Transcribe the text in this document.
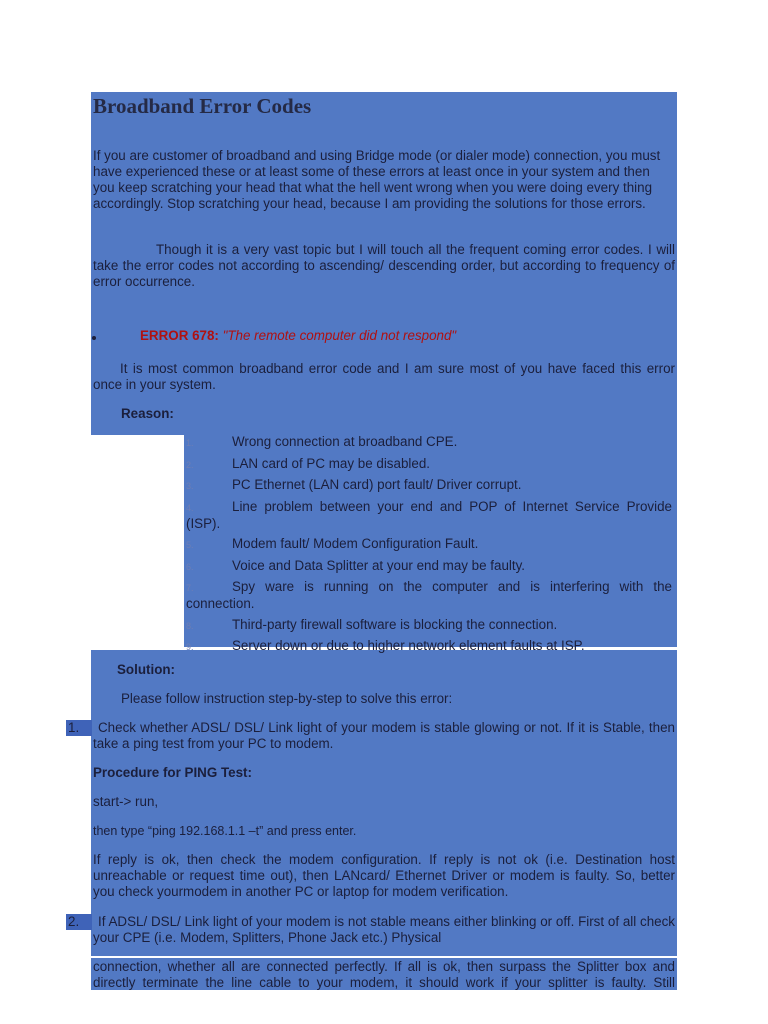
Broadband Error Codes

If you are customer of broadband and using Bridge mode (or dialer mode) connection, you must have experienced these or at least some of these errors at least once in your system and then you keep scratching your head that what the hell went wrong when you were doing every thing accordingly. Stop scratching your head, because I am providing the solutions for those errors.

Though it is a very vast topic but I will touch all the frequent coming error codes. I will take the error codes not according to ascending/ descending order, but according to frequency of error occurrence.

ERROR 678: "The remote computer did not respond"

It is most common broadband error code and I am sure most of you have faced this error once in your system.

Reason:

1.	Wrong connection at broadband CPE.
2.	LAN card of PC may be disabled.
3.	PC Ethernet (LAN card) port fault/ Driver corrupt.
4.	Line problem between your end and POP of Internet Service Provide (ISP).
5.	Modem fault/ Modem Configuration Fault.
6.	Voice and Data Splitter at your end may be faulty.
7.	Spy ware is running on the computer and is interfering with the connection.
8.	Third-party firewall software is blocking the connection.
9.	Server down or due to higher network element faults at ISP.

Solution:

Please follow instruction step-by-step to solve this error:

1.	Check whether ADSL/ DSL/ Link light of your modem is stable glowing or not. If it is Stable, then take a ping test from your PC to modem.

Procedure for PING Test:

start-> run,

then type “ping 192.168.1.1 –t” and press enter.

If reply is ok, then check the modem configuration. If reply is not ok (i.e. Destination host unreachable or request time out), then LANcard/ Ethernet Driver or modem is faulty. So, better you check yourmodem in another PC or laptop for modem verification.

2.	If ADSL/ DSL/ Link light of your modem is not stable means either blinking or off. First of all check your CPE (i.e. Modem, Splitters, Phone Jack etc.) Physical

connection, whether all are connected perfectly. If all is ok, then surpass the Splitter box and directly terminate the line cable to your modem, it should work if your splitter is faulty. Still
